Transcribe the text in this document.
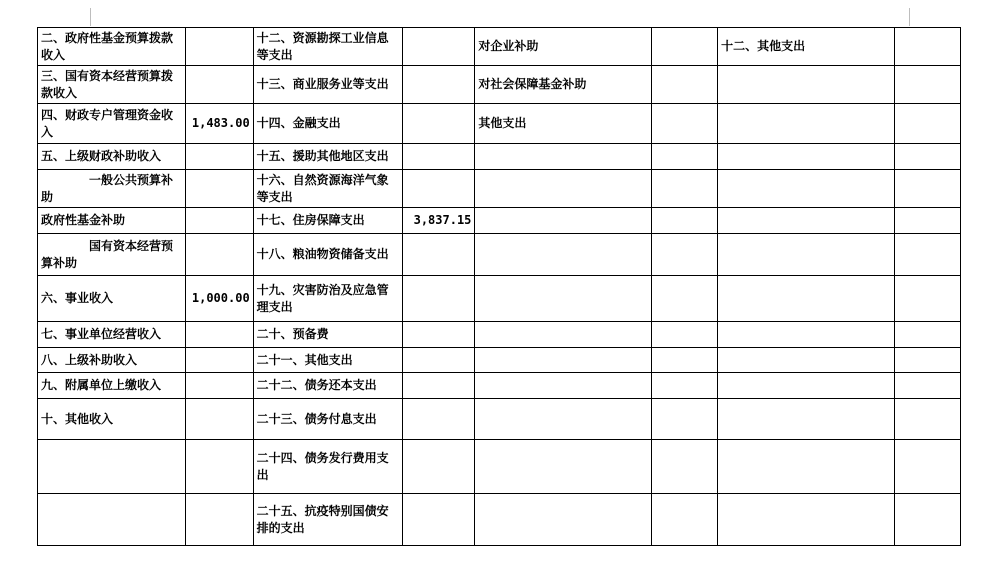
二、政府性基金预算拨款收入		十二、资源勘探工业信息等支出		对企业补助		十二、其他支出	
三、国有资本经营预算拨款收入		十三、商业服务业等支出		对社会保障基金补助			
四、财政专户管理资金收入	1,483.00	十四、金融支出		其他支出			
五、上级财政补助收入		十五、援助其他地区支出					
一般公共预算补助		十六、自然资源海洋气象等支出					
政府性基金补助		十七、住房保障支出	3,837.15				
国有资本经营预算补助		十八、粮油物资储备支出					
六、事业收入	1,000.00	十九、灾害防治及应急管理支出					
七、事业单位经营收入		二十、预备费					
八、上级补助收入		二十一、其他支出					
九、附属单位上缴收入		二十二、债务还本支出					
十、其他收入		二十三、债务付息支出					
		二十四、债务发行费用支出					
		二十五、抗疫特别国债安排的支出					
